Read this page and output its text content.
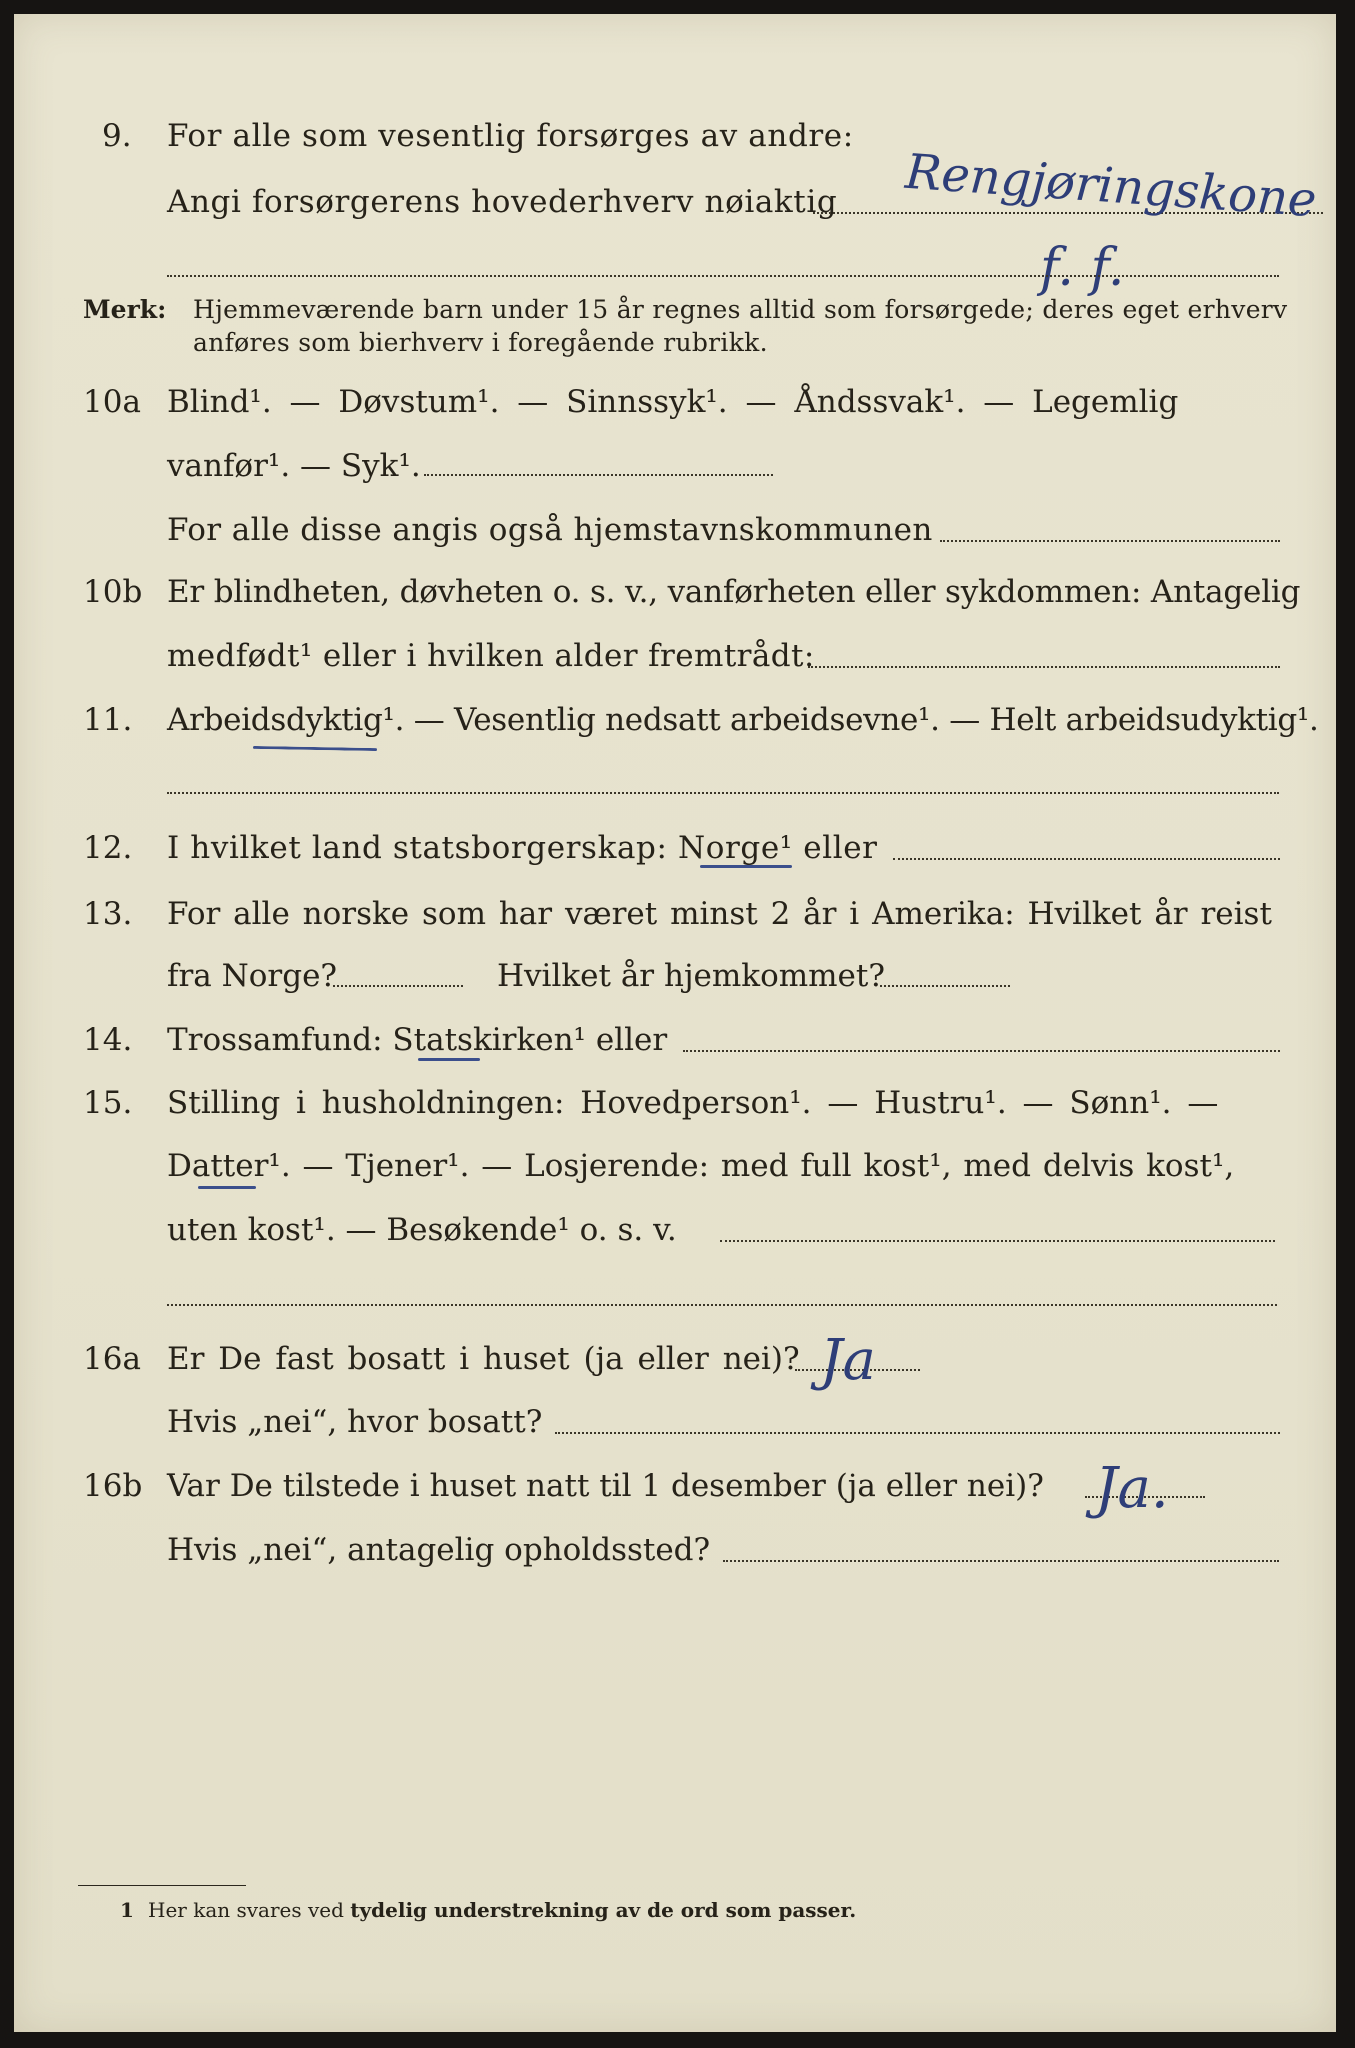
9. For alle som vesentlig forsørges av andre:
Angi forsørgerens hovederhverv nøiaktig Rengjøringskone
f. f.
Merk: Hjemmeværende barn under 15 år regnes alltid som forsørgede; deres eget erhverv
anføres som bierhverv i foregående rubrikk.
10a Blind¹. — Døvstum¹. — Sinnssyk¹. — Åndssvak¹. — Legemlig
vanfør¹. — Syk¹.
For alle disse angis også hjemstavnskommunen
10b Er blindheten, døvheten o. s. v., vanførheten eller sykdommen: Antagelig
medfødt¹ eller i hvilken alder fremtrådt:
11. Arbeidsdyktig¹. — Vesentlig nedsatt arbeidsevne¹. — Helt arbeidsudyktig¹.
12. I hvilket land statsborgerskap: Norge¹ eller
13. For alle norske som har været minst 2 år i Amerika: Hvilket år reist
fra Norge?	Hvilket år hjemkommet?
14. Trossamfund: Statskirken¹ eller
15. Stilling i husholdningen: Hovedperson¹. — Hustru¹. — Sønn¹. —
Datter¹. — Tjener¹. — Losjerende: med full kost¹, med delvis kost¹,
uten kost¹. — Besøkende¹ o. s. v.
16a Er De fast bosatt i huset (ja eller nei)? Ja
Hvis „nei“, hvor bosatt?
16b Var De tilstede i huset natt til 1 desember (ja eller nei)? Ja.
Hvis „nei“, antagelig opholdssted?
1 Her kan svares ved tydelig understrekning av de ord som passer.
